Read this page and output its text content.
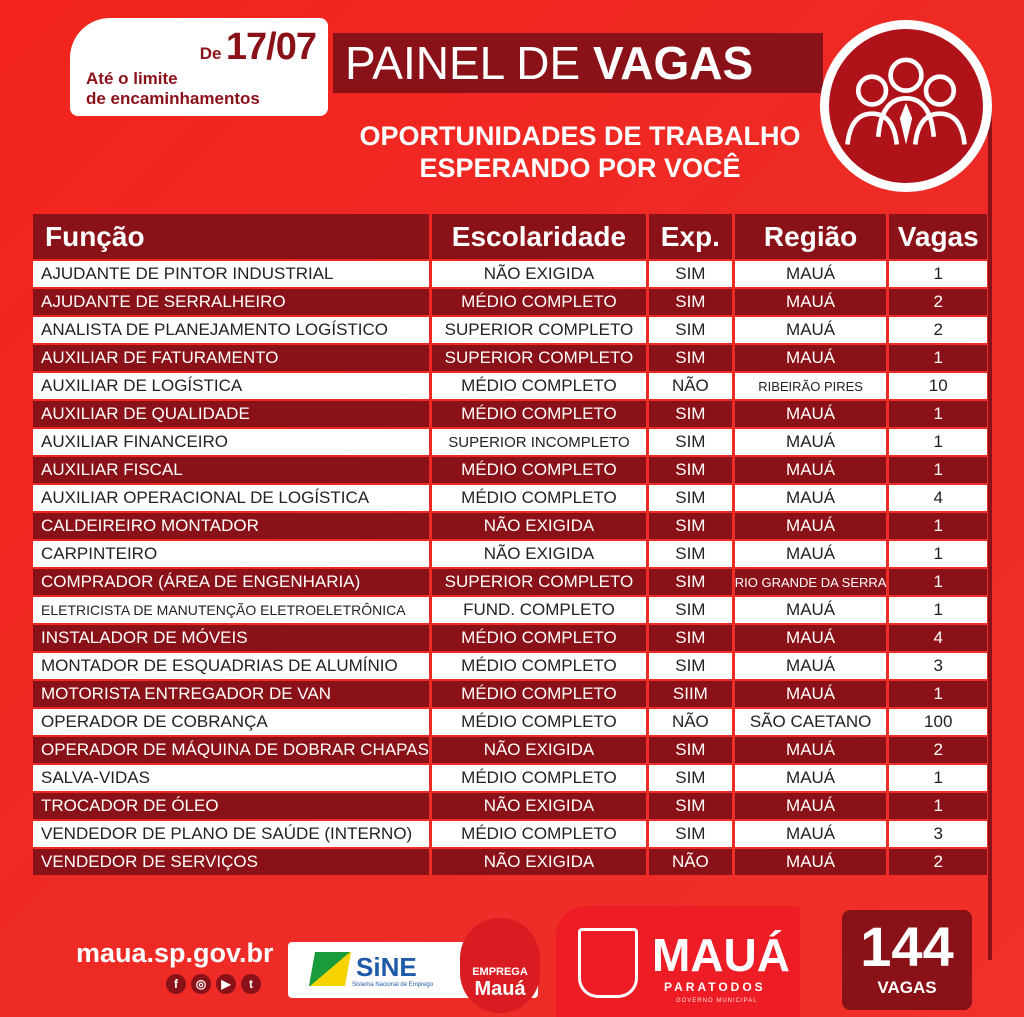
De 17/07
Até o limite
de encaminhamentos
PAINEL DE VAGAS
OPORTUNIDADES DE TRABALHO
ESPERANDO POR VOCÊ
Função	Escolaridade	Exp.	Região	Vagas
AJUDANTE DE PINTOR INDUSTRIAL	NÃO EXIGIDA	SIM	MAUÁ	1
AJUDANTE DE SERRALHEIRO	MÉDIO COMPLETO	SIM	MAUÁ	2
ANALISTA DE PLANEJAMENTO LOGÍSTICO	SUPERIOR COMPLETO	SIM	MAUÁ	2
AUXILIAR DE FATURAMENTO	SUPERIOR COMPLETO	SIM	MAUÁ	1
AUXILIAR DE LOGÍSTICA	MÉDIO COMPLETO	NÃO	RIBEIRÃO PIRES	10
AUXILIAR DE QUALIDADE	MÉDIO COMPLETO	SIM	MAUÁ	1
AUXILIAR FINANCEIRO	SUPERIOR INCOMPLETO	SIM	MAUÁ	1
AUXILIAR FISCAL	MÉDIO COMPLETO	SIM	MAUÁ	1
AUXILIAR OPERACIONAL DE LOGÍSTICA	MÉDIO COMPLETO	SIM	MAUÁ	4
CALDEIREIRO MONTADOR	NÃO EXIGIDA	SIM	MAUÁ	1
CARPINTEIRO	NÃO EXIGIDA	SIM	MAUÁ	1
COMPRADOR (ÁREA DE ENGENHARIA)	SUPERIOR COMPLETO	SIM	RIO GRANDE DA SERRA	1
ELETRICISTA DE MANUTENÇÃO ELETROELETRÔNICA	FUND. COMPLETO	SIM	MAUÁ	1
INSTALADOR DE MÓVEIS	MÉDIO COMPLETO	SIM	MAUÁ	4
MONTADOR DE ESQUADRIAS DE ALUMÍNIO	MÉDIO COMPLETO	SIM	MAUÁ	3
MOTORISTA ENTREGADOR DE VAN	MÉDIO COMPLETO	SIIM	MAUÁ	1
OPERADOR DE COBRANÇA	MÉDIO COMPLETO	NÃO	SÃO CAETANO	100
OPERADOR DE MÁQUINA DE DOBRAR CHAPAS	NÃO EXIGIDA	SIM	MAUÁ	2
SALVA-VIDAS	MÉDIO COMPLETO	SIM	MAUÁ	1
TROCADOR DE ÓLEO	NÃO EXIGIDA	SIM	MAUÁ	1
VENDEDOR DE PLANO DE SAÚDE (INTERNO)	MÉDIO COMPLETO	SIM	MAUÁ	3
VENDEDOR DE SERVIÇOS	NÃO EXIGIDA	NÃO	MAUÁ	2
maua.sp.gov.br
f	◎	▶	t
SiNE
Sistema Nacional de Emprego
EMPREGA
Mauá
MAUÁ
PARATODOS
GOVERNO MUNICIPAL
144
VAGAS
